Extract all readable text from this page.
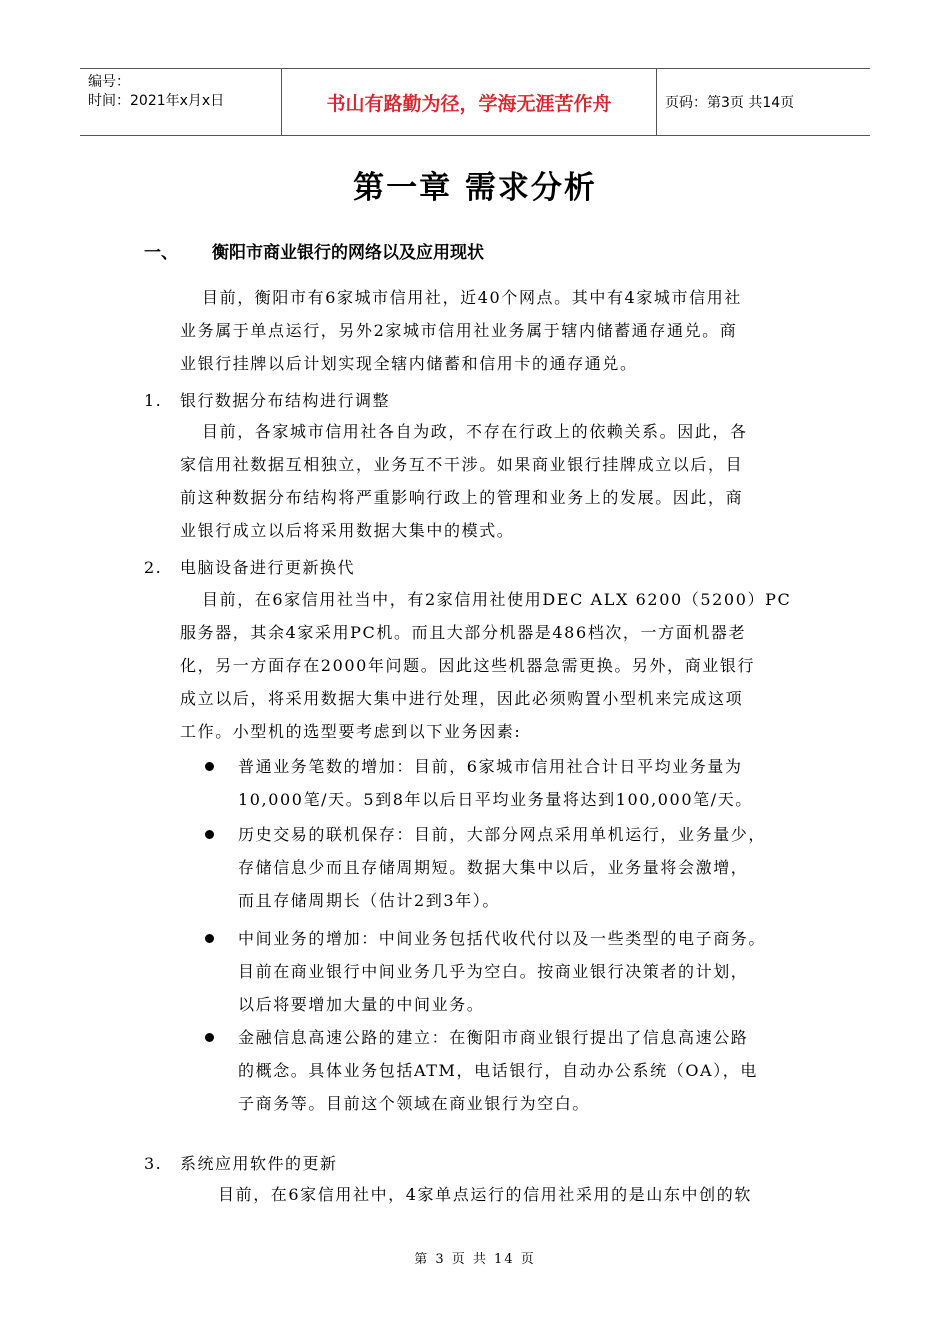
编号：
时间：2021年x月x日	书山有路勤为径，学海无涯苦作舟	页码：第3页 共14页
第一章 需求分析
一、 衡阳市商业银行的网络以及应用现状
目前，衡阳市有6家城市信用社，近40个网点。其中有4家城市信用社
业务属于单点运行，另外2家城市信用社业务属于辖内储蓄通存通兑。商
业银行挂牌以后计划实现全辖内储蓄和信用卡的通存通兑。
1. 银行数据分布结构进行调整
目前，各家城市信用社各自为政，不存在行政上的依赖关系。因此，各
家信用社数据互相独立，业务互不干涉。如果商业银行挂牌成立以后，目
前这种数据分布结构将严重影响行政上的管理和业务上的发展。因此，商
业银行成立以后将采用数据大集中的模式。
2. 电脑设备进行更新换代
目前，在6家信用社当中，有2家信用社使用DEC ALX 6200（5200）PC
服务器，其余4家采用PC机。而且大部分机器是486档次，一方面机器老
化，另一方面存在2000年问题。因此这些机器急需更换。另外，商业银行
成立以后，将采用数据大集中进行处理，因此必须购置小型机来完成这项
工作。小型机的选型要考虑到以下业务因素:
普通业务笔数的增加：目前，6家城市信用社合计日平均业务量为
10,000笔/天。5到8年以后日平均业务量将达到100,000笔/天。
历史交易的联机保存：目前，大部分网点采用单机运行，业务量少，
存储信息少而且存储周期短。数据大集中以后，业务量将会激增，
而且存储周期长（估计2到3年）。
中间业务的增加：中间业务包括代收代付以及一些类型的电子商务。
目前在商业银行中间业务几乎为空白。按商业银行决策者的计划，
以后将要增加大量的中间业务。
金融信息高速公路的建立：在衡阳市商业银行提出了信息高速公路
的概念。具体业务包括ATM，电话银行，自动办公系统（OA），电
子商务等。目前这个领域在商业银行为空白。
3. 系统应用软件的更新
目前，在6家信用社中，4家单点运行的信用社采用的是山东中创的软
第 3 页 共 14 页
